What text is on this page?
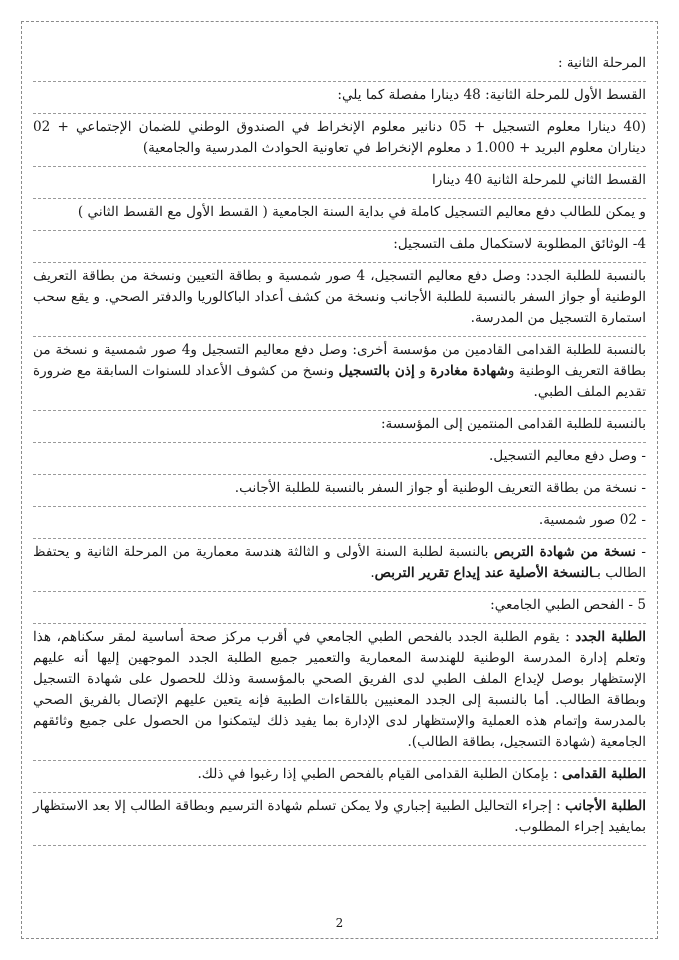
المرحلة الثانية :

القسط الأول للمرحلة الثانية: 48 دينارا مفصلة كما يلي:

(40 دينارا معلوم التسجيل + 05 دنانير معلوم الإنخراط في الصندوق الوطني للضمان الإجتماعي + 02 ديناران معلوم البريد + 1.000 د معلوم الإنخراط في تعاونية الحوادث المدرسية والجامعية)

القسط الثاني للمرحلة الثانية 40 دينارا

و يمكن للطالب دفع معاليم التسجيل كاملة في بداية السنة الجامعية ( القسط الأول مع القسط الثاني )

4- الوثائق المطلوبة لاستكمال ملف التسجيل:

بالنسبة للطلبة الجدد: وصل دفع معاليم التسجيل، 4 صور شمسية و بطاقة التعيين ونسخة من بطاقة التعريف الوطنية أو جواز السفر بالنسبة للطلبة الأجانب ونسخة من كشف أعداد الباكالوريا والدفتر الصحي. و يقع سحب استمارة التسجيل من المدرسة.

بالنسبة للطلبة القدامى القادمين من مؤسسة أخرى: وصل دفع معاليم التسجيل و4 صور شمسية و نسخة من بطاقة التعريف الوطنية وشهادة مغادرة و إذن بالتسجيل ونسخ من كشوف الأعداد للسنوات السابقة مع ضرورة تقديم الملف الطبي.

بالنسبة للطلبة القدامى المنتمين إلى المؤسسة:

- وصل دفع معاليم التسجيل.

- نسخة من بطاقة التعريف الوطنية أو جواز السفر بالنسبة للطلبة الأجانب.

- 02 صور شمسية.

- نسخة من شهادة التربص بالنسبة لطلبة السنة الأولى و الثالثة هندسة معمارية من المرحلة الثانية و يحتفظ الطالب بـالنسخة الأصلية عند إيداع تقرير التربص.

5 - الفحص الطبي الجامعي:

الطلبة الجدد : يقوم الطلبة الجدد بالفحص الطبي الجامعي في أقرب مركز صحة أساسية لمقر سكناهم، هذا وتعلم إدارة المدرسة الوطنية للهندسة المعمارية والتعمير جميع الطلبة الجدد الموجهين إليها أنه عليهم الإستظهار بوصل لإيداع الملف الطبي لدى الفريق الصحي بالمؤسسة وذلك للحصول على شهادة التسجيل وبطاقة الطالب. أما بالنسبة إلى الجدد المعنيين باللقاءات الطبية فإنه يتعين عليهم الإتصال بالفريق الصحي بالمدرسة وإتمام هذه العملية والإستظهار لدى الإدارة بما يفيد ذلك ليتمكنوا من الحصول على جميع وثائقهم الجامعية (شهادة التسجيل، بطاقة الطالب).

الطلبة القدامى : بإمكان الطلبة القدامى القيام بالفحص الطبي إذا رغبوا في ذلك.

الطلبة الأجانب : إجراء التحاليل الطبية إجباري ولا يمكن تسلم شهادة الترسيم وبطاقة الطالب إلا بعد الاستظهار بمايفيد إجراء المطلوب.

2
